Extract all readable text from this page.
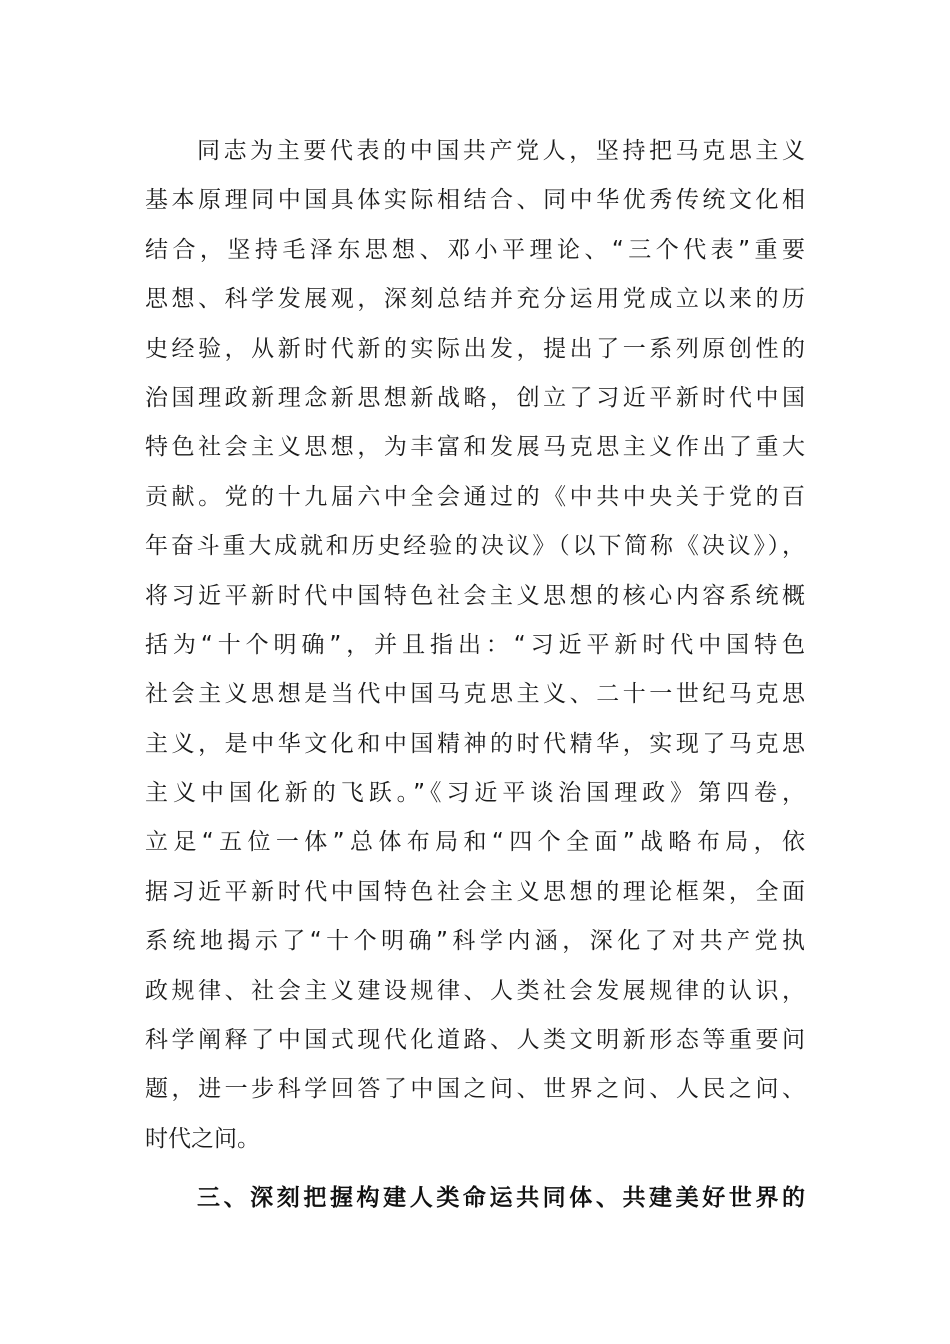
同志为主要代表的中国共产党人，坚持把马克思主义
基本原理同中国具体实际相结合、同中华优秀传统文化相
结合，坚持毛泽东思想、邓小平理论、“三个代表”重要
思想、科学发展观，深刻总结并充分运用党成立以来的历
史经验，从新时代新的实际出发，提出了一系列原创性的
治国理政新理念新思想新战略，创立了习近平新时代中国
特色社会主义思想，为丰富和发展马克思主义作出了重大
贡献。党的十九届六中全会通过的《中共中央关于党的百
年奋斗重大成就和历史经验的决议》（以下简称《决议》），
将习近平新时代中国特色社会主义思想的核心内容系统概
括为“十个明确”，并且指出：“习近平新时代中国特色
社会主义思想是当代中国马克思主义、二十一世纪马克思
主义，是中华文化和中国精神的时代精华，实现了马克思
主义中国化新的飞跃。”《习近平谈治国理政》第四卷，
立足“五位一体”总体布局和“四个全面”战略布局，依
据习近平新时代中国特色社会主义思想的理论框架，全面
系统地揭示了“十个明确”科学内涵，深化了对共产党执
政规律、社会主义建设规律、人类社会发展规律的认识，
科学阐释了中国式现代化道路、人类文明新形态等重要问
题，进一步科学回答了中国之问、世界之问、人民之问、
时代之问。
三、深刻把握构建人类命运共同体、共建美好世界的
